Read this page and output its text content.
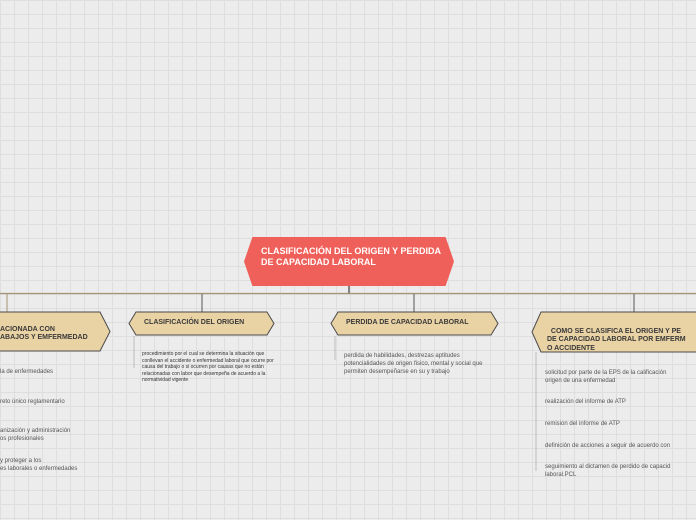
CLASIFICACIÓN DEL ORIGEN Y PERDIDA DE CAPACIDAD LABORAL

ACIONADA CON
ABAJOS Y EMFERMEDAD

la de enfermedades
reto único reglamentario
anización y administración
os profesionales
y proteger a los
es laborales o enfermedades
CLASIFICACIÓN DEL ORIGEN
procedimiento por el cual se determina la situación que
conllevan el accidente o enfermedad laboral que ocurre por
causa del trabajo o si ocurren por causas que no están
relacionadas con labor que desempeña de acuerdo a la
normatividad vigente
PERDIDA DE CAPACIDAD LABORAL
perdida de habilidades, destrezas aptitudes
potencialidades de origen fisico, mental y social que
permiten desempeñarse en su y trabajo

COMO SE CLASIFICA EL ORIGEN Y PE
DE CAPACIDAD LABORAL POR EMFERM
O ACCIDENTE

solicitud por parte de la EPS de la calificación
origen de una enfermedad
realización del informe de ATP
remision del informe de ATP
definición de acciones a seguir de acuerdo con
seguimiento al dictamen de perdido de capacid
laboral.PCL
